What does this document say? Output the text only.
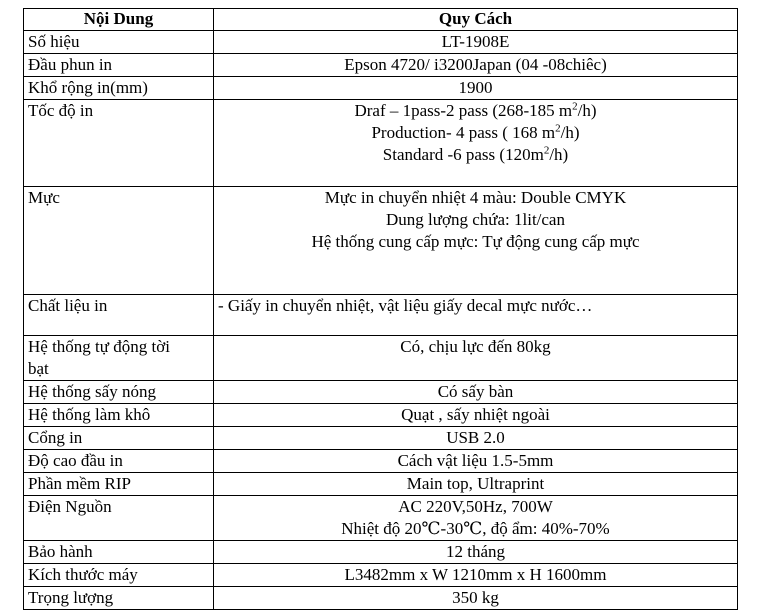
Nội Dung	Quy Cách
Số hiệu	LT-1908E
Đầu phun in	Epson 4720/ i3200Japan (04 -08chiêc)
Khổ rộng in(mm)	1900
Tốc độ in	Draf – 1pass-2 pass (268-185 $m^2/h$)
Production- 4 pass ( 168 $m^2/h$)
Standard -6 pass $(120m^2/h)$

Mực	Mực in chuyển nhiệt 4 màu: Double CMYK
Dung lượng chứa: 1lit/can
Hệ thống cung cấp mực: Tự động cung cấp mực

Chất liệu in	- Giấy in chuyển nhiệt, vật liệu giấy decal mực nước…

Hệ thống tự động tời
bạt	Có, chịu lực đến 80kg
Hệ thống sấy nóng	Có sấy bàn
Hệ thống làm khô	Quạt , sấy nhiệt ngoài
Cổng in	USB 2.0
Độ cao đầu in	Cách vật liệu 1.5-5mm
Phần mềm RIP	Main top, Ultraprint
Điện Nguồn	AC 220V,50Hz, 700W
Nhiệt độ 20℃-30℃, độ ẩm: 40%-70%

Bảo hành	12 tháng
Kích thước máy	L3482mm x W 1210mm x H 1600mm
Trọng lượng	350 kg
